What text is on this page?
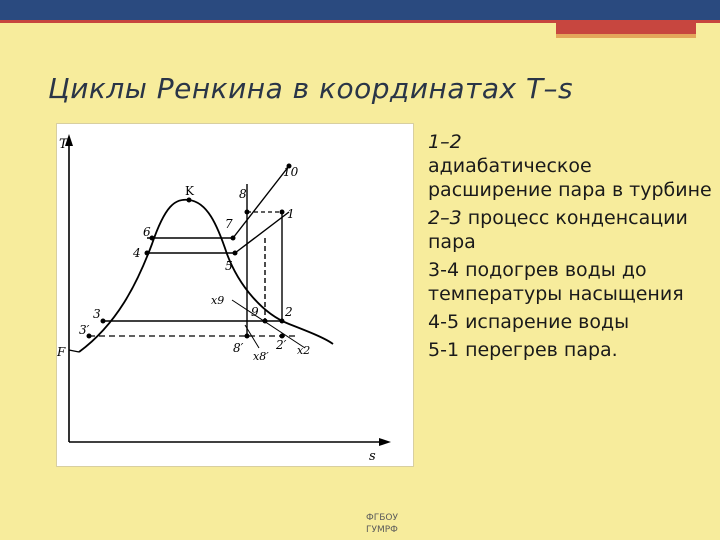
Циклы Ренкина в координатах T–s
T
s
K
6
4
7
5
3
3′
F
8
10
1
9 2
8′	2′
x9
x8′	x2
1–2
адиабатическое расширение пара в турбине
2–3 процесс конденсации пара
3-4 подогрев воды до температуры насыщения
4-5 испарение воды
5-1 перегрев пара.
ФГБОУ
ГУМРФ
